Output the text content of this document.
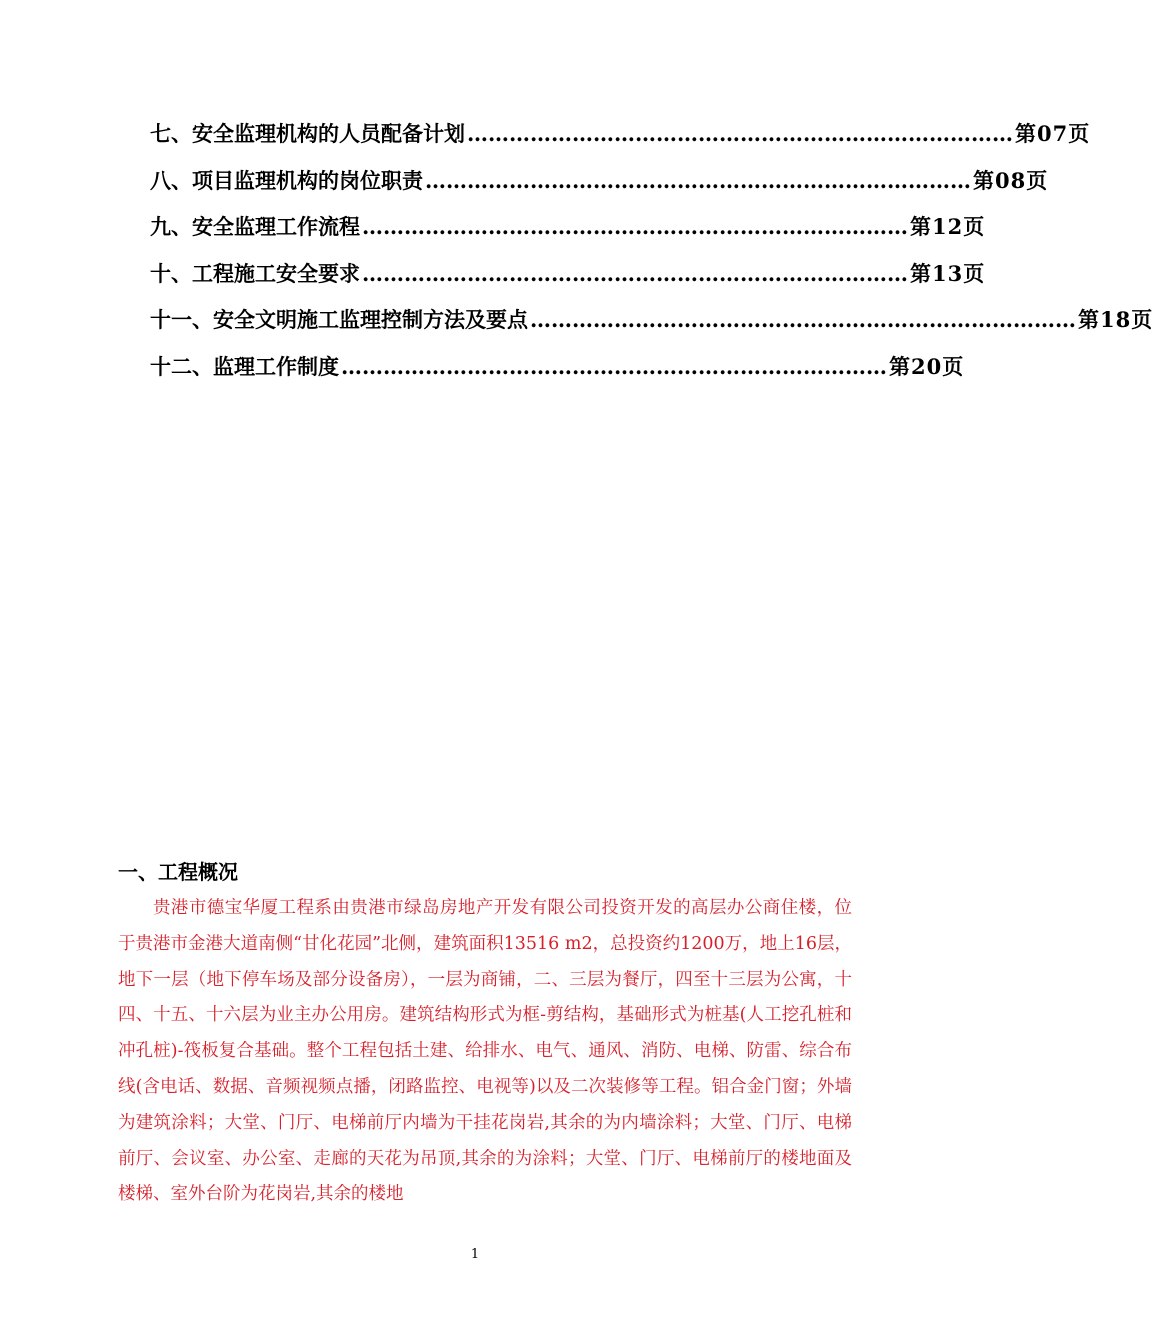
七、安全监理机构的人员配备计划 …………………………………………………………………… 第07页
八、项目监理机构的岗位职责 …………………………………………………………………… 第08页
九、安全监理工作流程 …………………………………………………………………… 第12页
十、工程施工安全要求 …………………………………………………………………… 第13页
十一、安全文明施工监理控制方法及要点 …………………………………………………………………… 第18页
十二、监理工作制度 …………………………………………………………………… 第20页
一、工程概况
贵港市德宝华厦工程系由贵港市绿岛房地产开发有限公司投资开发的高层办公商住楼，位于贵港市金港大道南侧“甘化花园”北侧，建筑面积13516 m2，总投资约1200万，地上16层，地下一层（地下停车场及部分设备房），一层为商铺，二、三层为餐厅，四至十三层为公寓，十四、十五、十六层为业主办公用房。建筑结构形式为框-剪结构，基础形式为桩基(人工挖孔桩和冲孔桩)-筏板复合基础。整个工程包括土建、给排水、电气、通风、消防、电梯、防雷、综合布线(含电话、数据、音频视频点播，闭路监控、电视等)以及二次装修等工程。铝合金门窗；外墙为建筑涂料；大堂、门厅、电梯前厅内墙为干挂花岗岩,其余的为内墙涂料；大堂、门厅、电梯前厅、会议室、办公室、走廊的天花为吊顶,其余的为涂料；大堂、门厅、电梯前厅的楼地面及楼梯、室外台阶为花岗岩,其余的楼地
1
